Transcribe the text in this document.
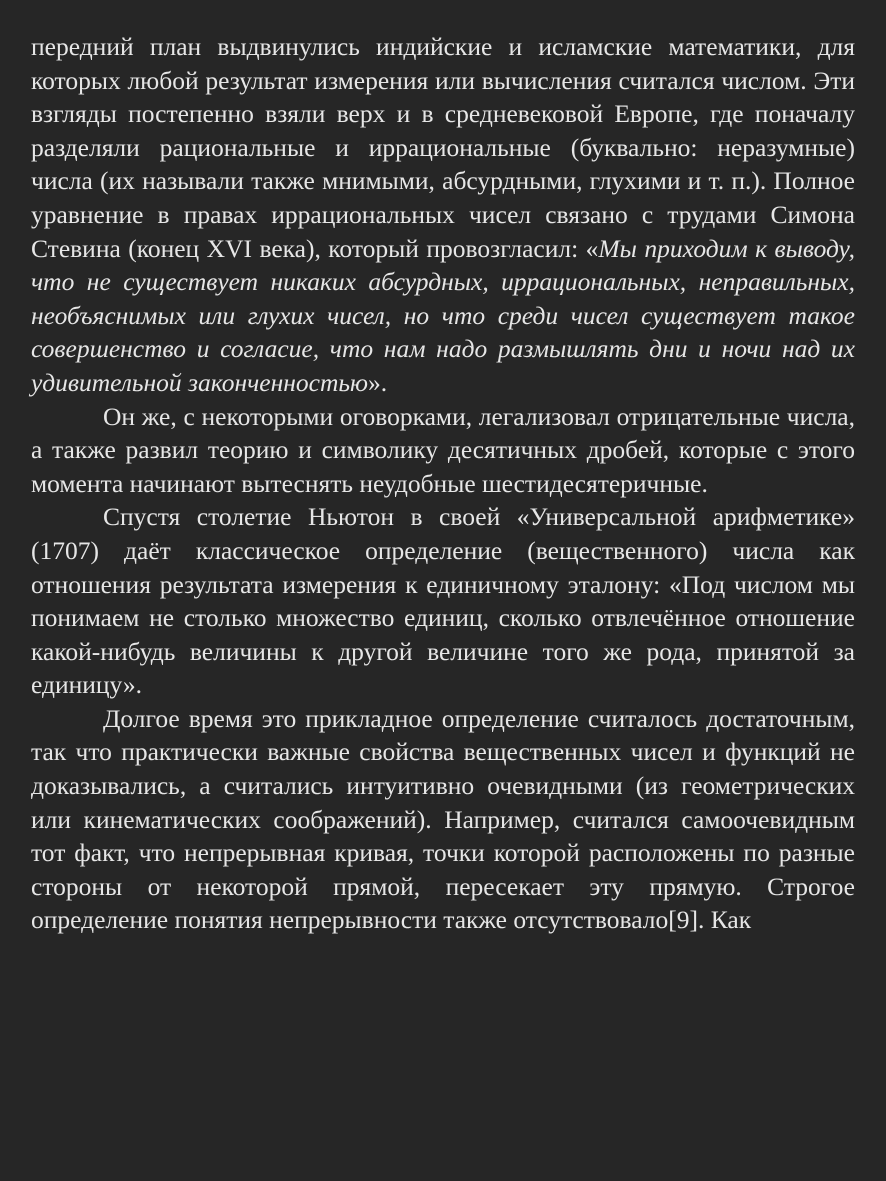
передний план выдвинулись индийские и исламские математики, для которых любой результат измерения или вычисления считался числом. Эти взгляды постепенно взяли верх и в средневековой Европе, где поначалу разделяли рациональные и иррациональные (буквально: неразумные) числа (их называли также мнимыми, абсурдными, глухими и т. п.). Полное уравнение в правах иррациональных чисел связано с трудами Симона Стевина (конец XVI века), который провозгласил: «Мы приходим к выводу, что не существует никаких абсурдных, иррациональных, неправильных, необъяснимых или глухих чисел, но что среди чисел существует такое совершенство и согласие, что нам надо размышлять дни и ночи над их удивительной законченностью».

Он же, с некоторыми оговорками, легализовал отрицательные числа, а также развил теорию и символику десятичных дробей, которые с этого момента начинают вытеснять неудобные шестидесятеричные.

Спустя столетие Ньютон в своей «Универсальной арифметике» (1707) даёт классическое определение (вещественного) числа как отношения результата измерения к единичному эталону: «Под числом мы понимаем не столько множество единиц, сколько отвлечённое отношение какой-нибудь величины к другой величине того же рода, принятой за единицу».

Долгое время это прикладное определение считалось достаточным, так что практически важные свойства вещественных чисел и функций не доказывались, а считались интуитивно очевидными (из геометрических или кинематических соображений). Например, считался самоочевидным тот факт, что непрерывная кривая, точки которой расположены по разные стороны от некоторой прямой, пересекает эту прямую. Строгое определение понятия непрерывности также отсутствовало[9]. Как
